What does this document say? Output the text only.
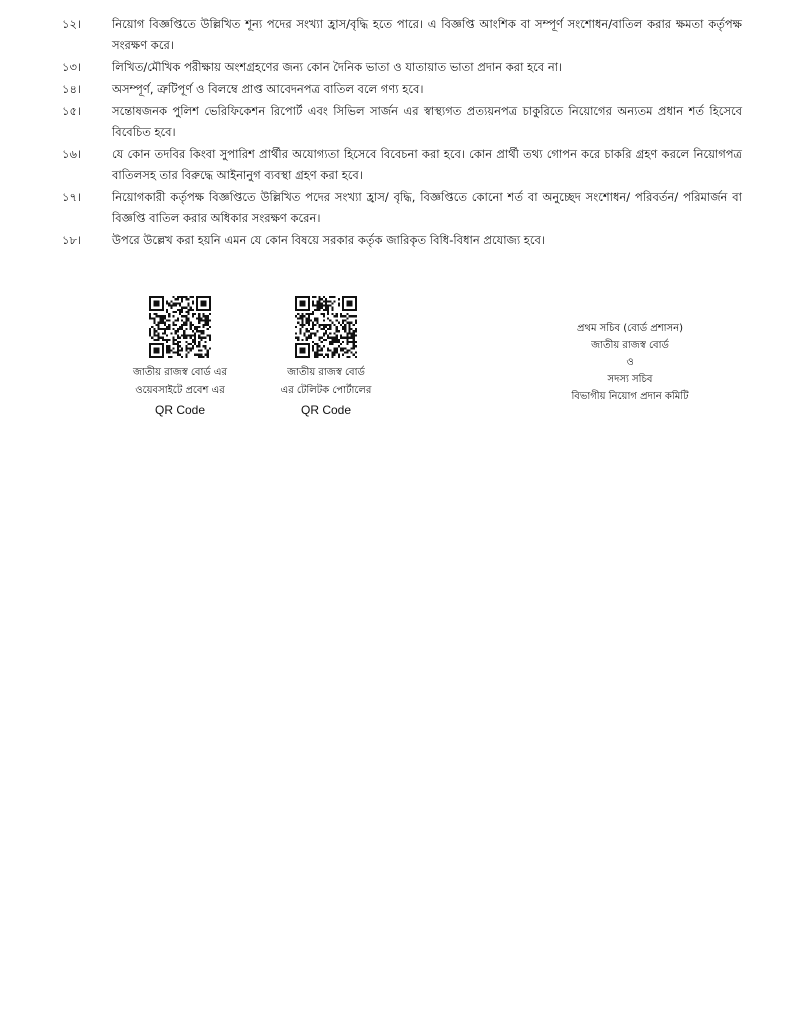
১২।	নিয়োগ বিজ্ঞপ্তিতে উল্লিখিত শূন্য পদের সংখ্যা হ্রাস/বৃদ্ধি হতে পারে। এ বিজ্ঞপ্তি আংশিক বা সম্পূর্ণ সংশোধন/বাতিল করার ক্ষমতা কর্তৃপক্ষ সংরক্ষণ করে।
১৩।	লিখিত/মৌখিক পরীক্ষায় অংশগ্রহণের জন্য কোন দৈনিক ভাতা ও যাতায়াত ভাতা প্রদান করা হবে না।
১৪।	অসম্পূর্ণ, ত্রুটিপূর্ণ ও বিলম্বে প্রাপ্ত আবেদনপত্র বাতিল বলে গণ্য হবে।
১৫।	সন্তোষজনক পুলিশ ভেরিফিকেশন রিপোর্ট এবং সিভিল সার্জন এর স্বাস্থ্যগত প্রত্যয়নপত্র চাকুরিতে নিয়োগের অন্যতম প্রধান শর্ত হিসেবে বিবেচিত হবে।
১৬।	যে কোন তদবির কিংবা সুপারিশ প্রার্থীর অযোগ্যতা হিসেবে বিবেচনা করা হবে। কোন প্রার্থী তথ্য গোপন করে চাকরি গ্রহণ করলে নিয়োগপত্র বাতিলসহ তার বিরুদ্ধে আইনানুগ ব্যবস্থা গ্রহণ করা হবে।
১৭।	নিয়োগকারী কর্তৃপক্ষ বিজ্ঞপ্তিতে উল্লিখিত পদের সংখ্যা হ্রাস/ বৃদ্ধি, বিজ্ঞপ্তিতে কোনো শর্ত বা অনুচ্ছেদ সংশোধন/ পরিবর্তন/ পরিমার্জন বা বিজ্ঞপ্তি বাতিল করার অধিকার সংরক্ষণ করেন।
১৮।	উপরে উল্লেখ করা হয়নি এমন যে কোন বিষয়ে সরকার কর্তৃক জারিকৃত বিধি-বিধান প্রযোজ্য হবে।
জাতীয় রাজস্ব বোর্ড এর
ওয়েবসাইটে প্রবেশ এর
QR Code
জাতীয় রাজস্ব বোর্ড
এর টেলিটক পোর্টালের
QR Code
প্রথম সচিব (বোর্ড প্রশাসন)
জাতীয় রাজস্ব বোর্ড
ও
সদস্য সচিব
বিভাগীয় নিয়োগ প্রদান কমিটি
